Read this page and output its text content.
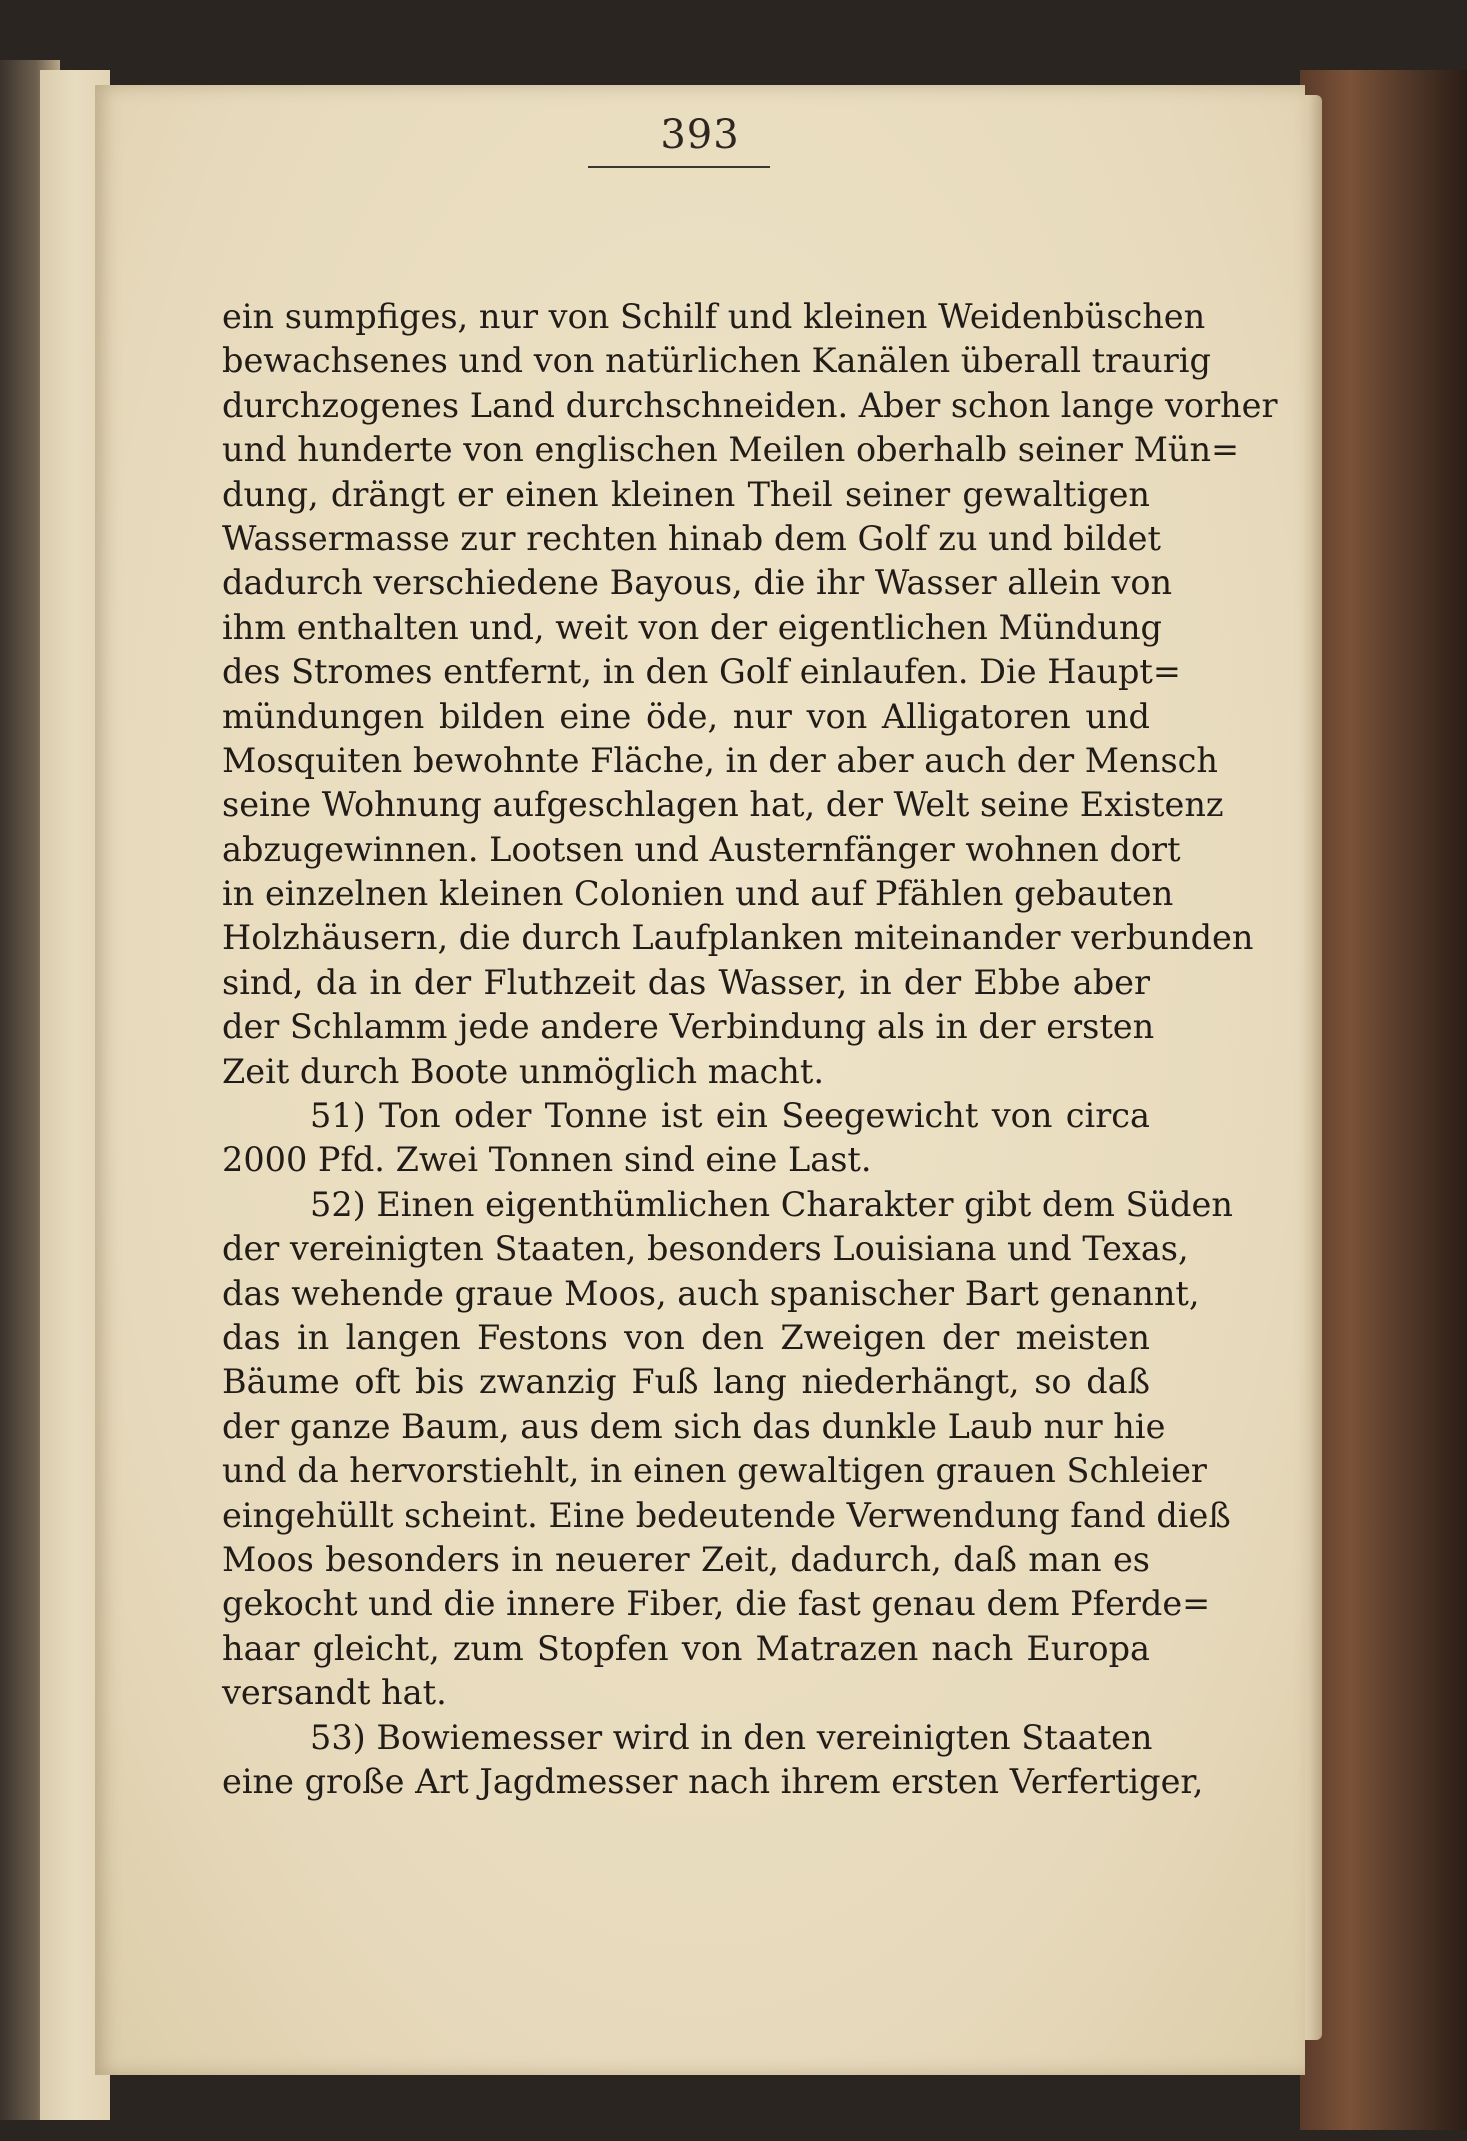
393
ein sumpfiges, nur von Schilf und kleinen Weidenbüschen
bewachsenes und von natürlichen Kanälen überall traurig
durchzogenes Land durchschneiden. Aber schon lange vorher
und hunderte von englischen Meilen oberhalb seiner Mün=
dung, drängt er einen kleinen Theil seiner gewaltigen
Wassermasse zur rechten hinab dem Golf zu und bildet
dadurch verschiedene Bayous, die ihr Wasser allein von
ihm enthalten und, weit von der eigentlichen Mündung
des Stromes entfernt, in den Golf einlaufen. Die Haupt=
mündungen bilden eine öde, nur von Alligatoren und
Mosquiten bewohnte Fläche, in der aber auch der Mensch
seine Wohnung aufgeschlagen hat, der Welt seine Existenz
abzugewinnen. Lootsen und Austernfänger wohnen dort
in einzelnen kleinen Colonien und auf Pfählen gebauten
Holzhäusern, die durch Laufplanken miteinander verbunden
sind, da in der Fluthzeit das Wasser, in der Ebbe aber
der Schlamm jede andere Verbindung als in der ersten
Zeit durch Boote unmöglich macht.
51) Ton oder Tonne ist ein Seegewicht von circa
2000 Pfd. Zwei Tonnen sind eine Last.
52) Einen eigenthümlichen Charakter gibt dem Süden
der vereinigten Staaten, besonders Louisiana und Texas,
das wehende graue Moos, auch spanischer Bart genannt,
das in langen Festons von den Zweigen der meisten
Bäume oft bis zwanzig Fuß lang niederhängt, so daß
der ganze Baum, aus dem sich das dunkle Laub nur hie
und da hervorstiehlt, in einen gewaltigen grauen Schleier
eingehüllt scheint. Eine bedeutende Verwendung fand dieß
Moos besonders in neuerer Zeit, dadurch, daß man es
gekocht und die innere Fiber, die fast genau dem Pferde=
haar gleicht, zum Stopfen von Matrazen nach Europa
versandt hat.
53) Bowiemesser wird in den vereinigten Staaten
eine große Art Jagdmesser nach ihrem ersten Verfertiger,
